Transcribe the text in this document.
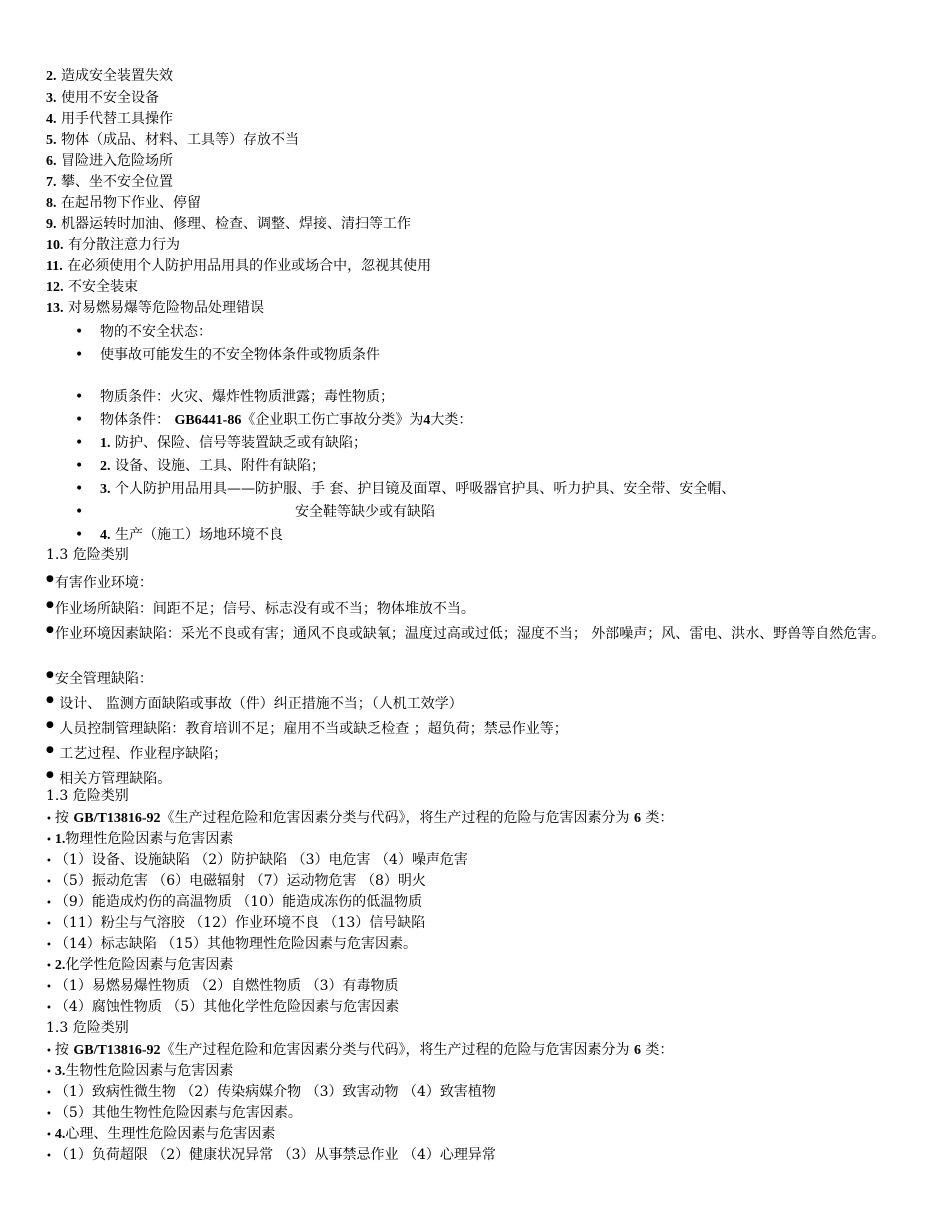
2. 造成安全装置失效
3. 使用不安全设备
4. 用手代替工具操作
5. 物体（成品、材料、工具等）存放不当
6. 冒险进入危险场所
7. 攀、坐不安全位置
8. 在起吊物下作业、停留
9. 机器运转时加油、修理、检查、调整、焊接、清扫等工作
10. 有分散注意力行为
11. 在必须使用个人防护用品用具的作业或场合中，忽视其使用
12. 不安全装束
13. 对易燃易爆等危险物品处理错误
• 物的不安全状态：
• 使事故可能发生的不安全物体条件或物质条件
• 物质条件：火灾、爆炸性物质泄露；毒性物质；
• 物体条件： GB6441-86《企业职工伤亡事故分类》为4大类：
• 1. 防护、保险、信号等装置缺乏或有缺陷；
• 2. 设备、设施、工具、附件有缺陷；
• 3. 个人防护用品用具——防护服、手 套、护目镜及面罩、呼吸器官护具、听力护具、安全带、安全帽、
•	安全鞋等缺少或有缺陷
• 4. 生产（施工）场地环境不良
1.3 危险类别
●有害作业环境：
●作业场所缺陷：间距不足；信号、标志没有或不当；物体堆放不当。
●作业环境因素缺陷：采光不良或有害；通风不良或缺氧；温度过高或过低；湿度不当； 外部噪声；风、雷电、洪水、野兽等自然危害。
●安全管理缺陷：
● 设计、 监测方面缺陷或事故（件）纠正措施不当；（人机工效学）
● 人员控制管理缺陷：教育培训不足；雇用不当或缺乏检查 ；超负荷；禁忌作业等；
● 工艺过程、作业程序缺陷；
● 相关方管理缺陷。
1.3 危险类别
• 按 GB/T13816-92《生产过程危险和危害因素分类与代码》，将生产过程的危险与危害因素分为 6 类：
• 1.物理性危险因素与危害因素
• （1）设备、设施缺陷 （2）防护缺陷 （3）电危害 （4）噪声危害
• （5）振动危害 （6）电磁辐射 （7）运动物危害 （8）明火
• （9）能造成灼伤的高温物质 （10）能造成冻伤的低温物质
• （11）粉尘与气溶胶 （12）作业环境不良 （13）信号缺陷
• （14）标志缺陷 （15）其他物理性危险因素与危害因素。
• 2.化学性危险因素与危害因素
• （1）易燃易爆性物质 （2）自燃性物质 （3）有毒物质
• （4）腐蚀性物质 （5）其他化学性危险因素与危害因素
1.3 危险类别
• 按 GB/T13816-92《生产过程危险和危害因素分类与代码》，将生产过程的危险与危害因素分为 6 类：
• 3.生物性危险因素与危害因素
• （1）致病性微生物 （2）传染病媒介物 （3）致害动物 （4）致害植物
• （5）其他生物性危险因素与危害因素。
• 4.心理、生理性危险因素与危害因素
• （1）负荷超限 （2）健康状况异常 （3）从事禁忌作业 （4）心理异常
